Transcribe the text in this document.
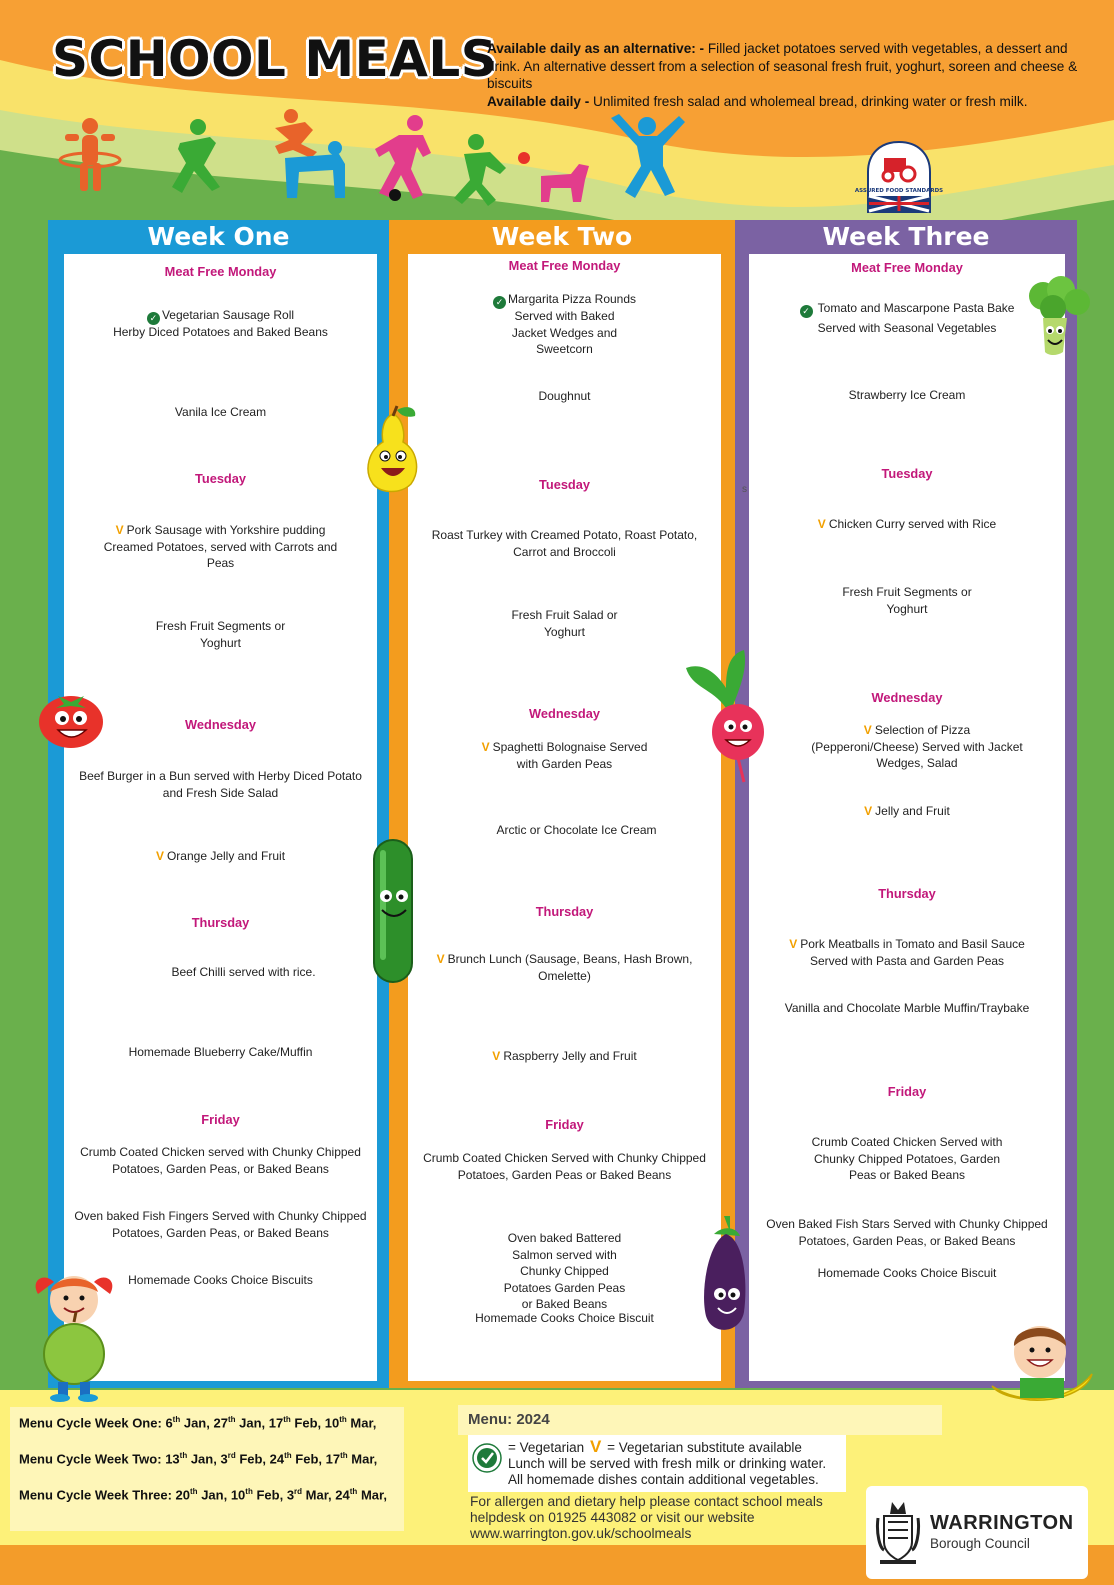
SCHOOL MEALS
Available daily as an alternative: - Filled jacket potatoes served with vegetables, a dessert and drink. An alternative dessert from a selection of seasonal fresh fruit, yoghurt, soreen and cheese & biscuits
Available daily - Unlimited fresh salad and wholemeal bread, drinking water or fresh milk.
ASSURED FOOD STANDARDS
Week One
Meat Free Monday
✓ Vegetarian Sausage Roll
Herby Diced Potatoes and Baked Beans
Vanila Ice Cream
Tuesday
V Pork Sausage with Yorkshire pudding Creamed Potatoes, served with Carrots and Peas
Fresh Fruit Segments or Yoghurt
Wednesday
Beef Burger in a Bun served with Herby Diced Potato and Fresh Side Salad
V Orange Jelly and Fruit
Thursday
Beef Chilli served with rice.
Homemade Blueberry Cake/Muffin
Friday
Crumb Coated Chicken served with Chunky Chipped Potatoes, Garden Peas, or Baked Beans
Oven baked Fish Fingers Served with Chunky Chipped Potatoes, Garden Peas, or Baked Beans
Homemade Cooks Choice Biscuits
Week Two
Meat Free Monday
✓ Margarita Pizza Rounds
Served with Baked Jacket Wedges and Sweetcorn
Doughnut
Tuesday
Roast Turkey with Creamed Potato, Roast Potato, Carrot and Broccoli
Fresh Fruit Salad or Yoghurt
Wednesday
V Spaghetti Bolognaise Served with Garden Peas
Arctic or Chocolate Ice Cream
Thursday
V Brunch Lunch (Sausage, Beans, Hash Brown, Omelette)
V Raspberry Jelly and Fruit
Friday
Crumb Coated Chicken Served with Chunky Chipped Potatoes, Garden Peas or Baked Beans
Oven baked Battered Salmon served with Chunky Chipped Potatoes Garden Peas or Baked Beans
Homemade Cooks Choice Biscuit
Week Three
Meat Free Monday
✓ Tomato and Mascarpone Pasta Bake
Served with Seasonal Vegetables
Strawberry Ice Cream
Tuesday
V Chicken Curry served with Rice
Fresh Fruit Segments or Yoghurt
Wednesday
V Selection of Pizza (Pepperoni/Cheese) Served with Jacket Wedges, Salad
V Jelly and Fruit
Thursday
V Pork Meatballs in Tomato and Basil Sauce Served with Pasta and Garden Peas
Vanilla and Chocolate Marble Muffin/Traybake
Friday
Crumb Coated Chicken Served with Chunky Chipped Potatoes, Garden Peas or Baked Beans
Oven Baked Fish Stars Served with Chunky Chipped Potatoes, Garden Peas, or Baked Beans
Homemade Cooks Choice Biscuit
s
Menu Cycle Week One: 6th Jan, 27th Jan, 17th Feb, 10th Mar,
Menu Cycle Week Two: 13th Jan, 3rd Feb, 24th Feb, 17th Mar,
Menu Cycle Week Three: 20th Jan, 10th Feb, 3rd Mar, 24th Mar,
Menu: 2024
= Vegetarian V = Vegetarian substitute available
Lunch will be served with fresh milk or drinking water.
All homemade dishes contain additional vegetables.
For allergen and dietary help please contact school meals helpdesk on 01925 443082 or visit our website www.warrington.gov.uk/schoolmeals	WARRINGTON
Borough Council
